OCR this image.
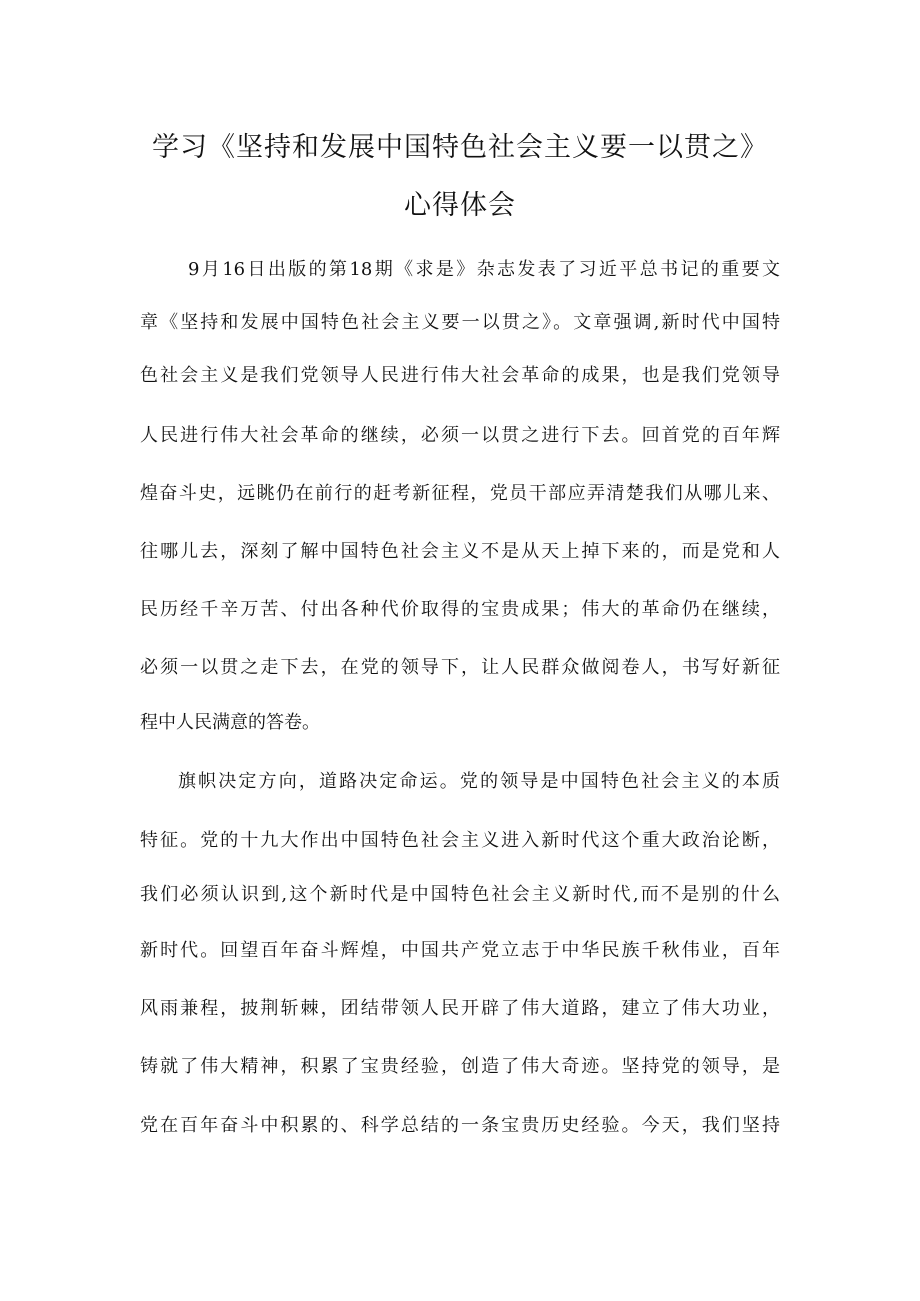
学习《坚持和发展中国特色社会主义要一以贯之》
心得体会
9月16日出版的第18期《求是》杂志发表了习近平总书记的重要文
章《坚持和发展中国特色社会主义要一以贯之》。文章强调,新时代中国特
色社会主义是我们党领导人民进行伟大社会革命的成果，也是我们党领导
人民进行伟大社会革命的继续，必须一以贯之进行下去。回首党的百年辉
煌奋斗史，远眺仍在前行的赶考新征程，党员干部应弄清楚我们从哪儿来、
往哪儿去，深刻了解中国特色社会主义不是从天上掉下来的，而是党和人
民历经千辛万苦、付出各种代价取得的宝贵成果；伟大的革命仍在继续，
必须一以贯之走下去，在党的领导下，让人民群众做阅卷人，书写好新征
程中人民满意的答卷。
旗帜决定方向，道路决定命运。党的领导是中国特色社会主义的本质
特征。党的十九大作出中国特色社会主义进入新时代这个重大政治论断，
我们必须认识到,这个新时代是中国特色社会主义新时代,而不是别的什么
新时代。回望百年奋斗辉煌，中国共产党立志于中华民族千秋伟业，百年
风雨兼程，披荆斩棘，团结带领人民开辟了伟大道路，建立了伟大功业，
铸就了伟大精神，积累了宝贵经验，创造了伟大奇迹。坚持党的领导，是
党在百年奋斗中积累的、科学总结的一条宝贵历史经验。今天，我们坚持
